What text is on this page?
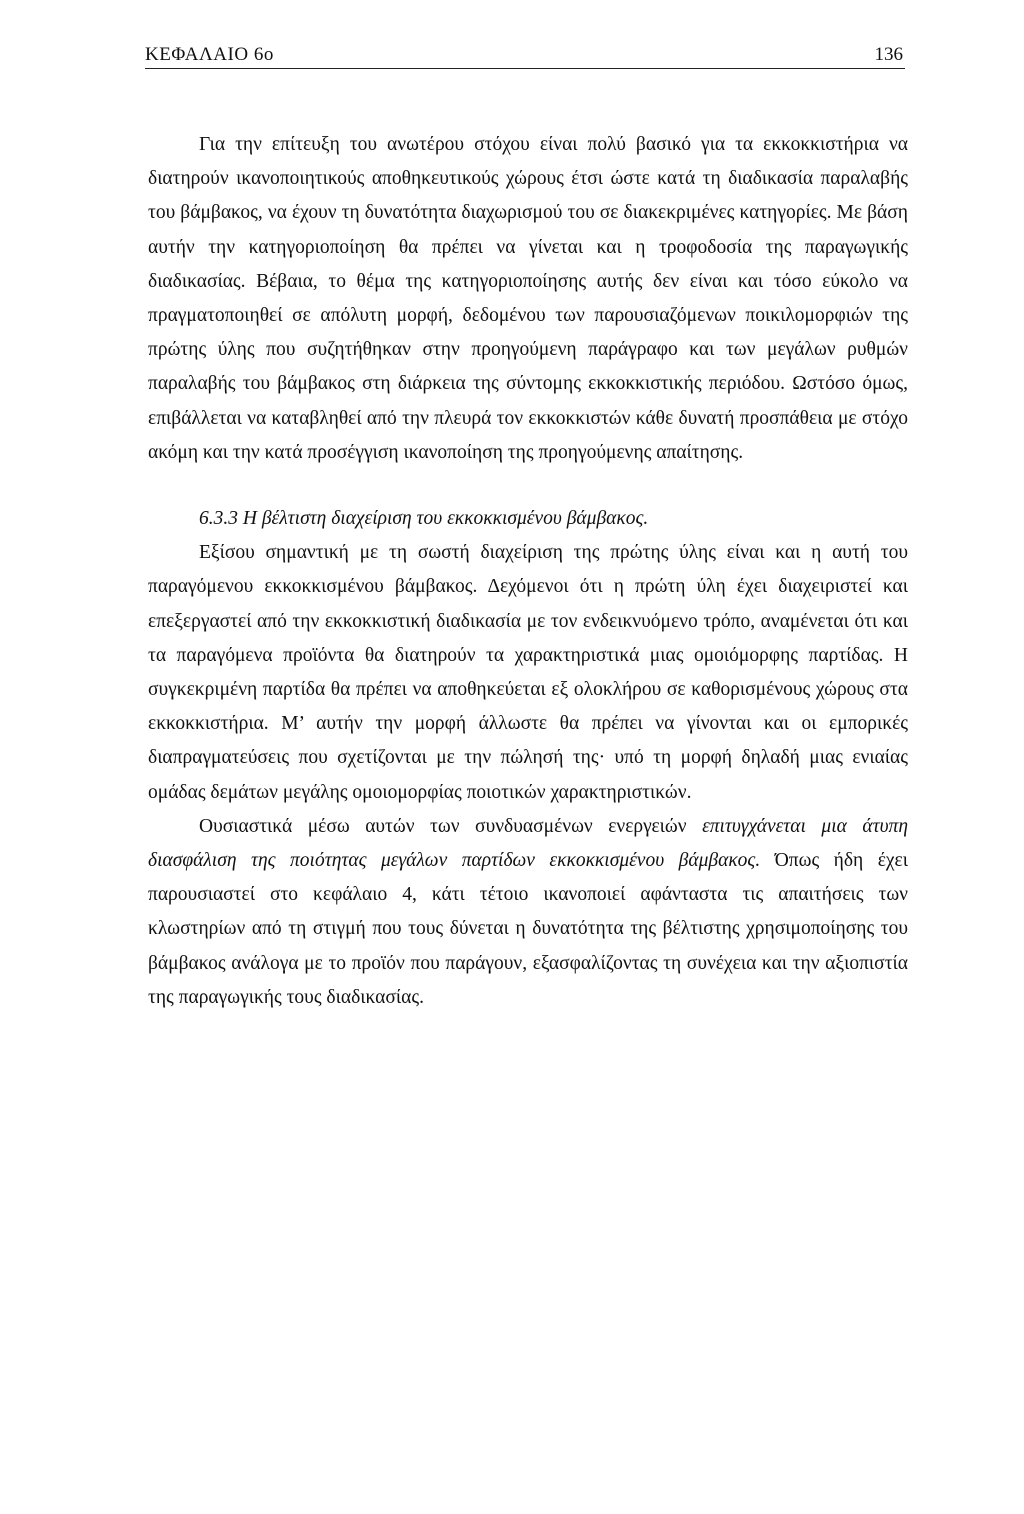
ΚΕΦΑΛΑΙΟ 6ο	136

Για την επίτευξη του ανωτέρου στόχου είναι πολύ βασικό για τα εκκοκκιστήρια να διατηρούν ικανοποιητικούς αποθηκευτικούς χώρους έτσι ώστε κατά τη διαδικασία παραλαβής του βάμβακος, να έχουν τη δυνατότητα διαχωρισμού του σε διακεκριμένες κατηγορίες. Με βάση αυτήν την κατηγοριοποίηση θα πρέπει να γίνεται και η τροφοδοσία της παραγωγικής διαδικασίας. Βέβαια, το θέμα της κατηγοριοποίησης αυτής δεν είναι και τόσο εύκολο να πραγματοποιηθεί σε απόλυτη μορφή, δεδομένου των παρουσιαζόμενων ποικιλομορφιών της πρώτης ύλης που συζητήθηκαν στην προηγούμενη παράγραφο και των μεγάλων ρυθμών παραλαβής του βάμβακος στη διάρκεια της σύντομης εκκοκκιστικής περιόδου. Ωστόσο όμως, επιβάλλεται να καταβληθεί από την πλευρά τον εκκοκκιστών κάθε δυνατή προσπάθεια με στόχο ακόμη και την κατά προσέγγιση ικανοποίηση της προηγούμενης απαίτησης.

6.3.3 Η βέλτιστη διαχείριση του εκκοκκισμένου βάμβακος.

Εξίσου σημαντική με τη σωστή διαχείριση της πρώτης ύλης είναι και η αυτή του παραγόμενου εκκοκκισμένου βάμβακος. Δεχόμενοι ότι η πρώτη ύλη έχει διαχειριστεί και επεξεργαστεί από την εκκοκκιστική διαδικασία με τον ενδεικνυόμενο τρόπο, αναμένεται ότι και τα παραγόμενα προϊόντα θα διατηρούν τα χαρακτηριστικά μιας ομοιόμορφης παρτίδας. Η συγκεκριμένη παρτίδα θα πρέπει να αποθηκεύεται εξ ολοκλήρου σε καθορισμένους χώρους στα εκκοκκιστήρια. Μ’ αυτήν την μορφή άλλωστε θα πρέπει να γίνονται και οι εμπορικές διαπραγματεύσεις που σχετίζονται με την πώλησή της· υπό τη μορφή δηλαδή μιας ενιαίας ομάδας δεμάτων μεγάλης ομοιομορφίας ποιοτικών χαρακτηριστικών.

Ουσιαστικά μέσω αυτών των συνδυασμένων ενεργειών επιτυγχάνεται μια άτυπη διασφάλιση της ποιότητας μεγάλων παρτίδων εκκοκκισμένου βάμβακος. Όπως ήδη έχει παρουσιαστεί στο κεφάλαιο 4, κάτι τέτοιο ικανοποιεί αφάνταστα τις απαιτήσεις των κλωστηρίων από τη στιγμή που τους δύνεται η δυνατότητα της βέλτιστης χρησιμοποίησης του βάμβακος ανάλογα με το προϊόν που παράγουν, εξασφαλίζοντας τη συνέχεια και την αξιοπιστία της παραγωγικής τους διαδικασίας.
